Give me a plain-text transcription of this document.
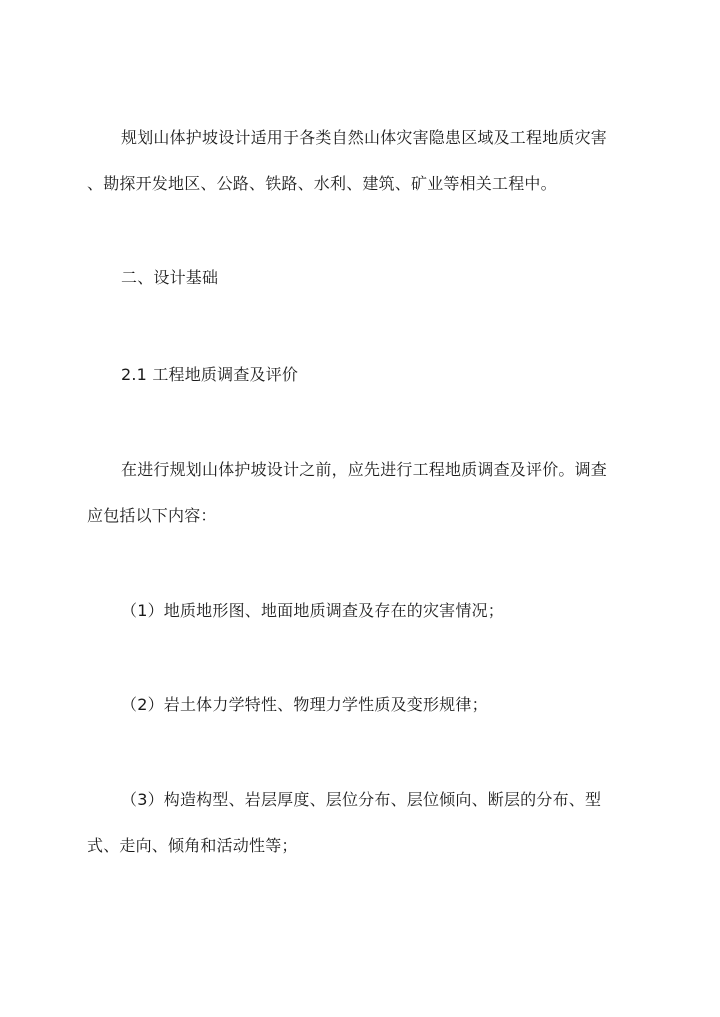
规划山体护坡设计适用于各类自然山体灾害隐患区域及工程地质灾害
、勘探开发地区、公路、铁路、水利、建筑、矿业等相关工程中。
二、设计基础
2.1 工程地质调查及评价
在进行规划山体护坡设计之前，应先进行工程地质调查及评价。调查
应包括以下内容：
（1）地质地形图、地面地质调查及存在的灾害情况；
（2）岩土体力学特性、物理力学性质及变形规律；
（3）构造构型、岩层厚度、层位分布、层位倾向、断层的分布、型
式、走向、倾角和活动性等；
